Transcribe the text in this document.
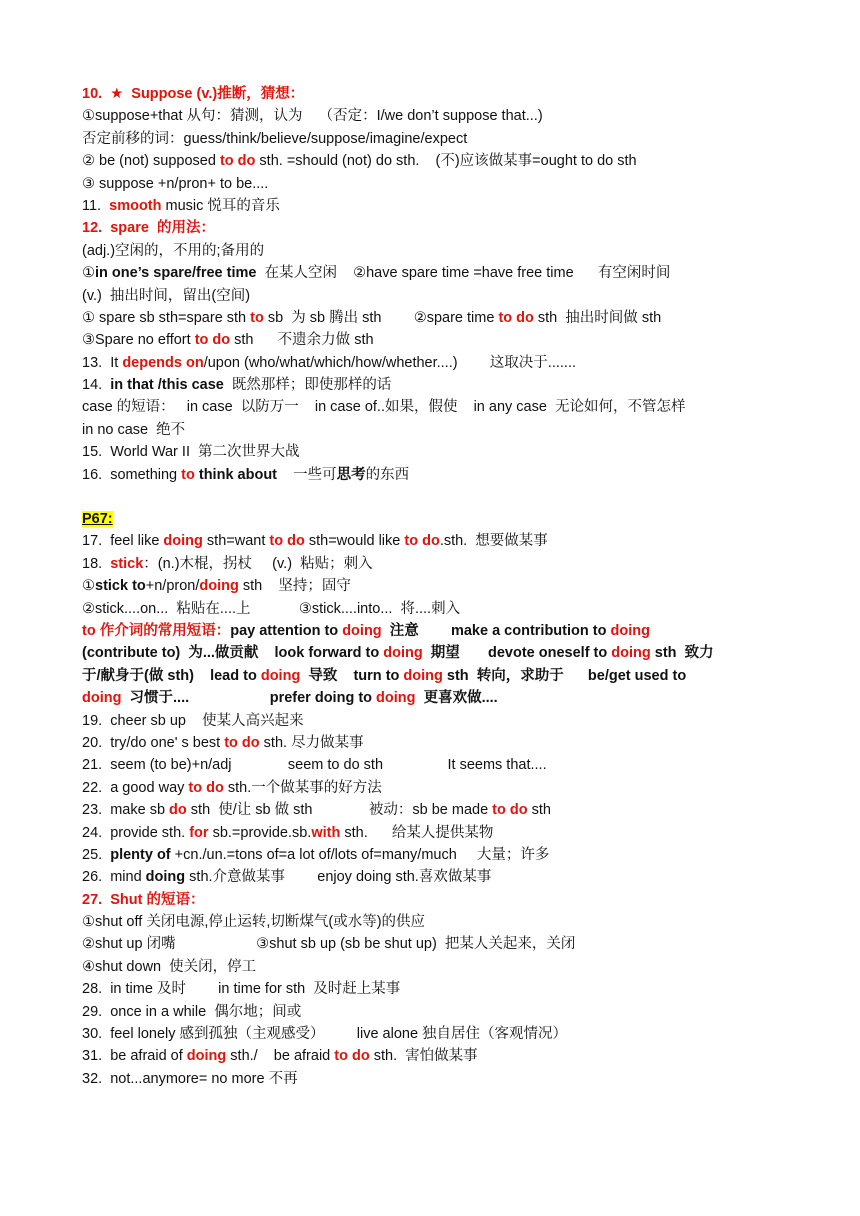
10.  ★  Suppose (v.)推断，猜想：
①suppose+that 从句：猜测，认为    （否定：I/we don’t suppose that...)
否定前移的词：guess/think/believe/suppose/imagine/expect
② be (not) supposed to do sth. =should (not) do sth.    (不)应该做某事=ought to do sth
③ suppose +n/pron+ to be....
11.  smooth music 悦耳的音乐
12.  spare  的用法：
(adj.)空闲的，不用的;备用的
①in one’s spare/free time  在某人空闲    ②have spare time =have free time      有空闲时间
(v.)  抽出时间，留出(空间)
① spare sb sth=spare sth to sb  为 sb 腾出 sth        ②spare time to do sth  抽出时间做 sth
③Spare no effort to do sth      不遗余力做 sth
13.  It depends on/upon (who/what/which/how/whether....)        这取决于.......
14.  in that /this case  既然那样；即使那样的话
case 的短语：   in case  以防万一    in case of..如果，假使    in any case  无论如何，不管怎样
in no case  绝不
15.  World War II  第二次世界大战
16.  something to think about    一些可思考的东西
P67:
17.  feel like doing sth=want to do sth=would like to do.sth.  想要做某事
18.  stick：(n.)木棍，拐杖     (v.)  粘贴；刺入
①stick to+n/pron/doing sth    坚持；固守
②stick....on...  粘贴在....上            ③stick....into...  将....刺入
to 作介词的常用短语：pay attention to doing  注意        make a contribution to doing
(contribute to)  为...做贡献    look forward to doing  期望       devote oneself to doing sth  致力
于/献身于(做 sth)    lead to doing  导致    turn to doing sth  转向，求助于      be/get used to
doing  习惯于....                    prefer doing to doing  更喜欢做....
19.  cheer sb up    使某人高兴起来
20.  try/do one' s best to do sth. 尽力做某事
21.  seem (to be)+n/adj              seem to do sth                It seems that....
22.  a good way to do sth.一个做某事的好方法
23.  make sb do sth  使/让 sb 做 sth              被动：sb be made to do sth
24.  provide sth. for sb.=provide.sb.with sth.      给某人提供某物
25.  plenty of +cn./un.=tons of=a lot of/lots of=many/much     大量；许多
26.  mind doing sth.介意做某事        enjoy doing sth.喜欢做某事
27.  Shut 的短语：
①shut off 关闭电源,停止运转,切断煤气(或水等)的供应
②shut up 闭嘴                    ③shut sb up (sb be shut up)  把某人关起来，关闭
④shut down  使关闭，停工
28.  in time 及时        in time for sth  及时赶上某事
29.  once in a while  偶尔地；间或
30.  feel lonely 感到孤独（主观感受）        live alone 独自居住（客观情况）
31.  be afraid of doing sth./    be afraid to do sth.  害怕做某事
32.  not...anymore= no more 不再
